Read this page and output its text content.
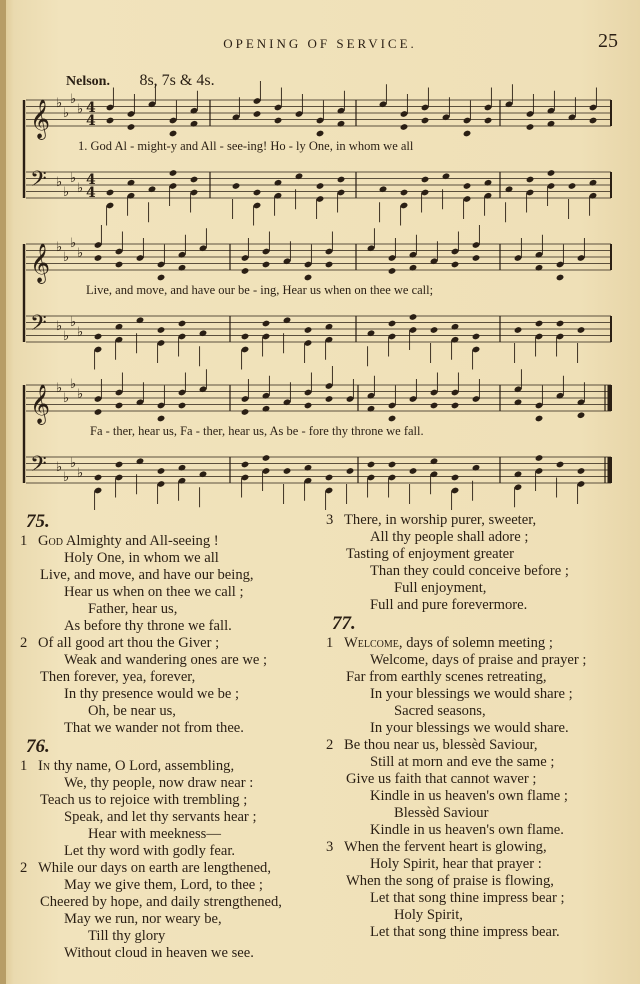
OPENING OF SERVICE.	25
Nelson. 8s, 7s & 4s.
𝄞 ♭
♭
♭
♭ 4
4
𝄢 ♭
♭
♭
♭
4
4
𝄞 ♭
♭
♭
♭
𝄢 ♭
♭
♭
♭
𝄞 ♭
♭
♭
♭
𝄢 ♭
♭
♭
♭
1. God Al - might-y and All - see-ing! Ho - ly One, in whom we all
Live, and move, and have our be - ing, Hear us when on thee we call;
Fa - ther, hear us, Fa - ther, hear us, As be - fore thy throne we fall.
75.
1 God Almighty and All-seeing !
Holy One, in whom we all
Live, and move, and have our being,
Hear us when on thee we call ;
Father, hear us,
As before thy throne we fall.
2 Of all good art thou the Giver ;
Weak and wandering ones are we ;
Then forever, yea, forever,
In thy presence would we be ;
Oh, be near us,
That we wander not from thee.
76.
1 In thy name, O Lord, assembling,
We, thy people, now draw near :
Teach us to rejoice with trembling ;
Speak, and let thy servants hear ;
Hear with meekness—
Let thy word with godly fear.
2 While our days on earth are lengthened,
May we give them, Lord, to thee ;
Cheered by hope, and daily strengthened,
May we run, nor weary be,
Till thy glory
Without cloud in heaven we see.
3 There, in worship purer, sweeter,
All thy people shall adore ;
Tasting of enjoyment greater
Than they could conceive before ;
Full enjoyment,
Full and pure forevermore.
77.
1 Welcome, days of solemn meeting ;
Welcome, days of praise and prayer ;
Far from earthly scenes retreating,
In your blessings we would share ;
Sacred seasons,
In your blessings we would share.
2 Be thou near us, blessèd Saviour,
Still at morn and eve the same ;
Give us faith that cannot waver ;
Kindle in us heaven's own flame ;
Blessèd Saviour
Kindle in us heaven's own flame.
3 When the fervent heart is glowing,
Holy Spirit, hear that prayer :
When the song of praise is flowing,
Let that song thine impress bear ;
Holy Spirit,
Let that song thine impress bear.
